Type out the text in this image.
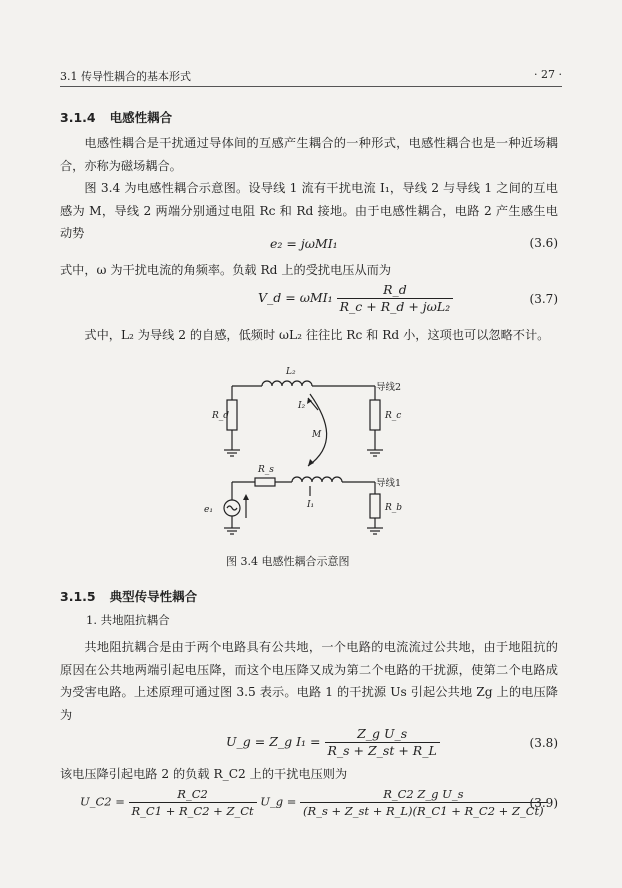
3.1 传导性耦合的基本形式	· 27 ·
3.1.4 电感性耦合
电感性耦合是干扰通过导体间的互感产生耦合的一种形式，电感性耦合也是一种近场耦合，亦称为磁场耦合。
图 3.4 为电感性耦合示意图。设导线 1 流有干扰电流 I₁，导线 2 与导线 1 之间的互电感为 M，导线 2 两端分别通过电阻 Rc 和 Rd 接地。由于电感性耦合，电路 2 产生感生电动势
e₂ = jωMI₁	(3.6)
式中，ω 为干扰电流的角频率。负载 Rd 上的受扰电压从而为
V_d = $\omega MI_1 \frac{R\_d}{\text{R\_c + R\_d + jωL₂}}$	(3.7)
式中，L₂ 为导线 2 的自感，低频时 ωL₂ 往往比 Rc 和 Rd 小，这项也可以忽略不计。
L₂
I₂
M
R_d	R_c
R_s
I₁
e₁	R_b
导线2
导线1
图 3.4 电感性耦合示意图
3.1.5 典型传导性耦合
1. 共地阻抗耦合
共地阻抗耦合是由于两个电路具有公共地，一个电路的电流流过公共地，由于地阻抗的原因在公共地两端引起电压降，而这个电压降又成为第二个电路的干扰源，使第二个电路成为受害电路。上述原理可通过图 3.5 表示。电路 1 的干扰源 Us 引起公共地 Zg 上的电压降为
U_g = Z_g $I_1 = \frac{\text{Z\_g U\_s}}{R\_s + Z\_st + R\_L}$	(3.8)
该电压降引起电路 2 的负载 R_C2 上的干扰电压则为
U_C2 = $\frac{R\_C2}{R\_C1 + R\_C2 + Z\_Ct}$ U_g = $\frac{\text{R\_C2 Z\_g U\_s}}{(R\_s + Z\_st + R\_L)(R\_C1 + R\_C2 + Z\_Ct)}$
(3.9)
